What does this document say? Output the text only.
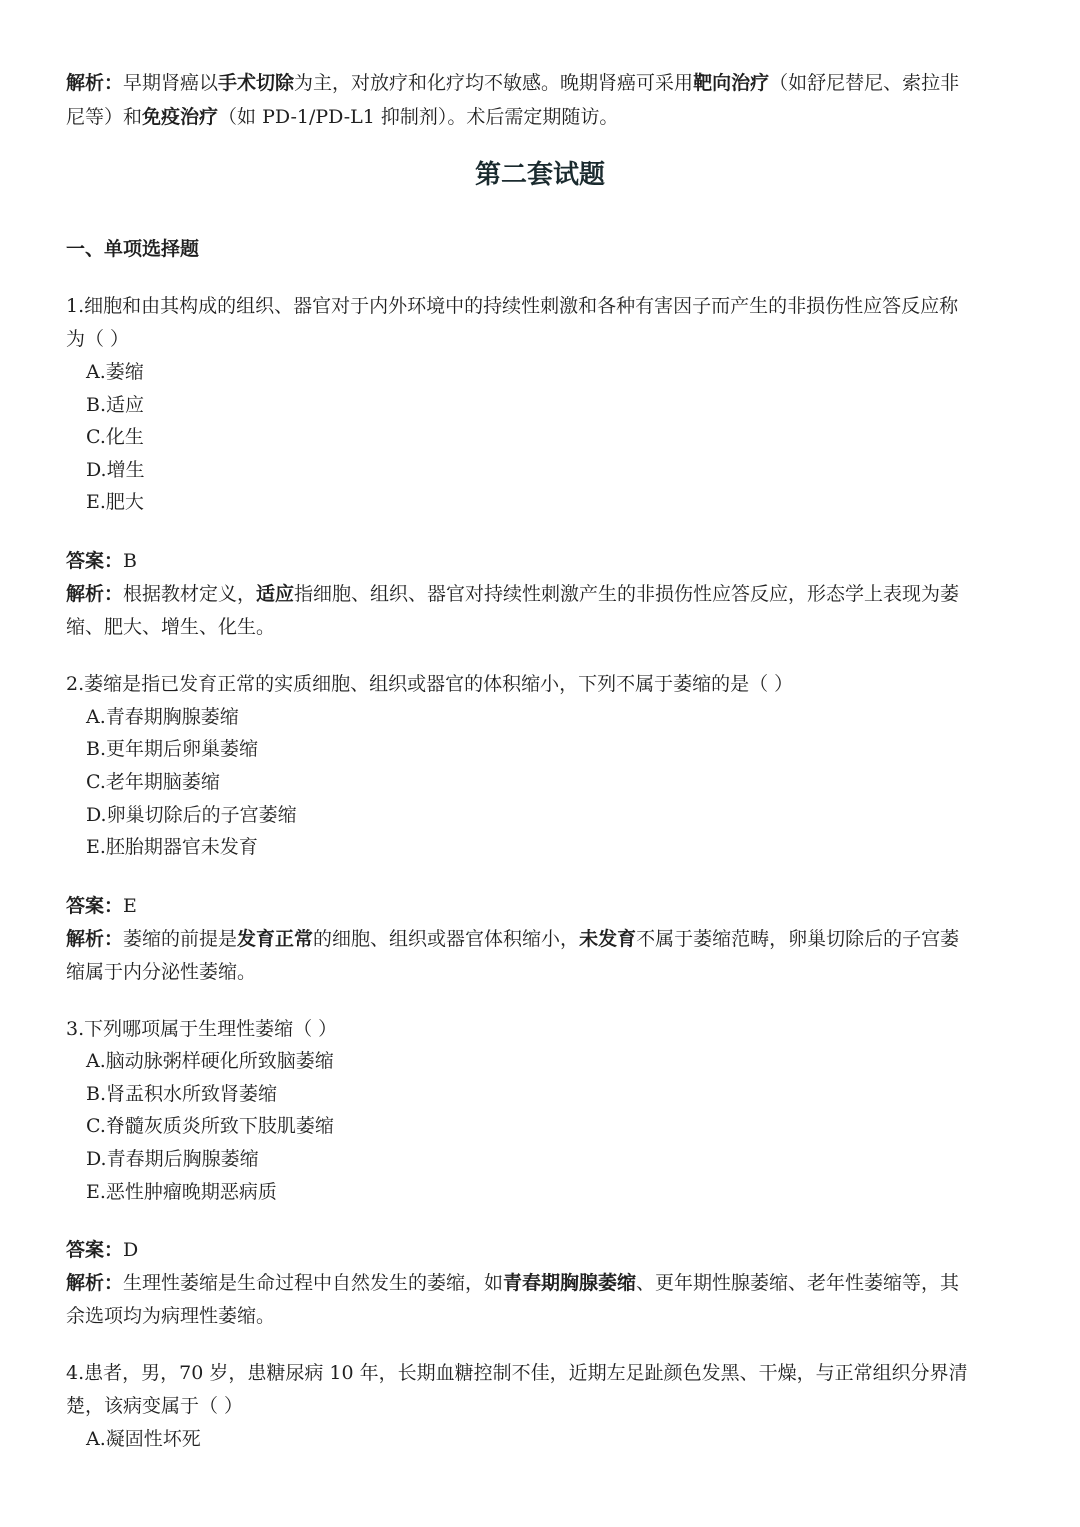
解析：早期肾癌以手术切除为主，对放疗和化疗均不敏感。晚期肾癌可采用靶向治疗（如舒尼替尼、索拉非
尼等）和免疫治疗（如 PD-1/PD-L1 抑制剂）。术后需定期随访。
第二套试题
一、单项选择题
1.细胞和由其构成的组织、器官对于内外环境中的持续性刺激和各种有害因子而产生的非损伤性应答反应称
为（ ）
A.萎缩
B.适应
C.化生
D.增生
E.肥大
答案：B
解析：根据教材定义，适应指细胞、组织、器官对持续性刺激产生的非损伤性应答反应，形态学上表现为萎
缩、肥大、增生、化生。
2.萎缩是指已发育正常的实质细胞、组织或器官的体积缩小，下列不属于萎缩的是（ ）
A.青春期胸腺萎缩
B.更年期后卵巢萎缩
C.老年期脑萎缩
D.卵巢切除后的子宫萎缩
E.胚胎期器官未发育
答案：E
解析：萎缩的前提是发育正常的细胞、组织或器官体积缩小，未发育不属于萎缩范畴，卵巢切除后的子宫萎
缩属于内分泌性萎缩。
3.下列哪项属于生理性萎缩（ ）
A.脑动脉粥样硬化所致脑萎缩
B.肾盂积水所致肾萎缩
C.脊髓灰质炎所致下肢肌萎缩
D.青春期后胸腺萎缩
E.恶性肿瘤晚期恶病质
答案：D
解析：生理性萎缩是生命过程中自然发生的萎缩，如青春期胸腺萎缩、更年期性腺萎缩、老年性萎缩等，其
余选项均为病理性萎缩。
4.患者，男，70 岁，患糖尿病 10 年，长期血糖控制不佳，近期左足趾颜色发黑、干燥，与正常组织分界清
楚，该病变属于（ ）
A.凝固性坏死
